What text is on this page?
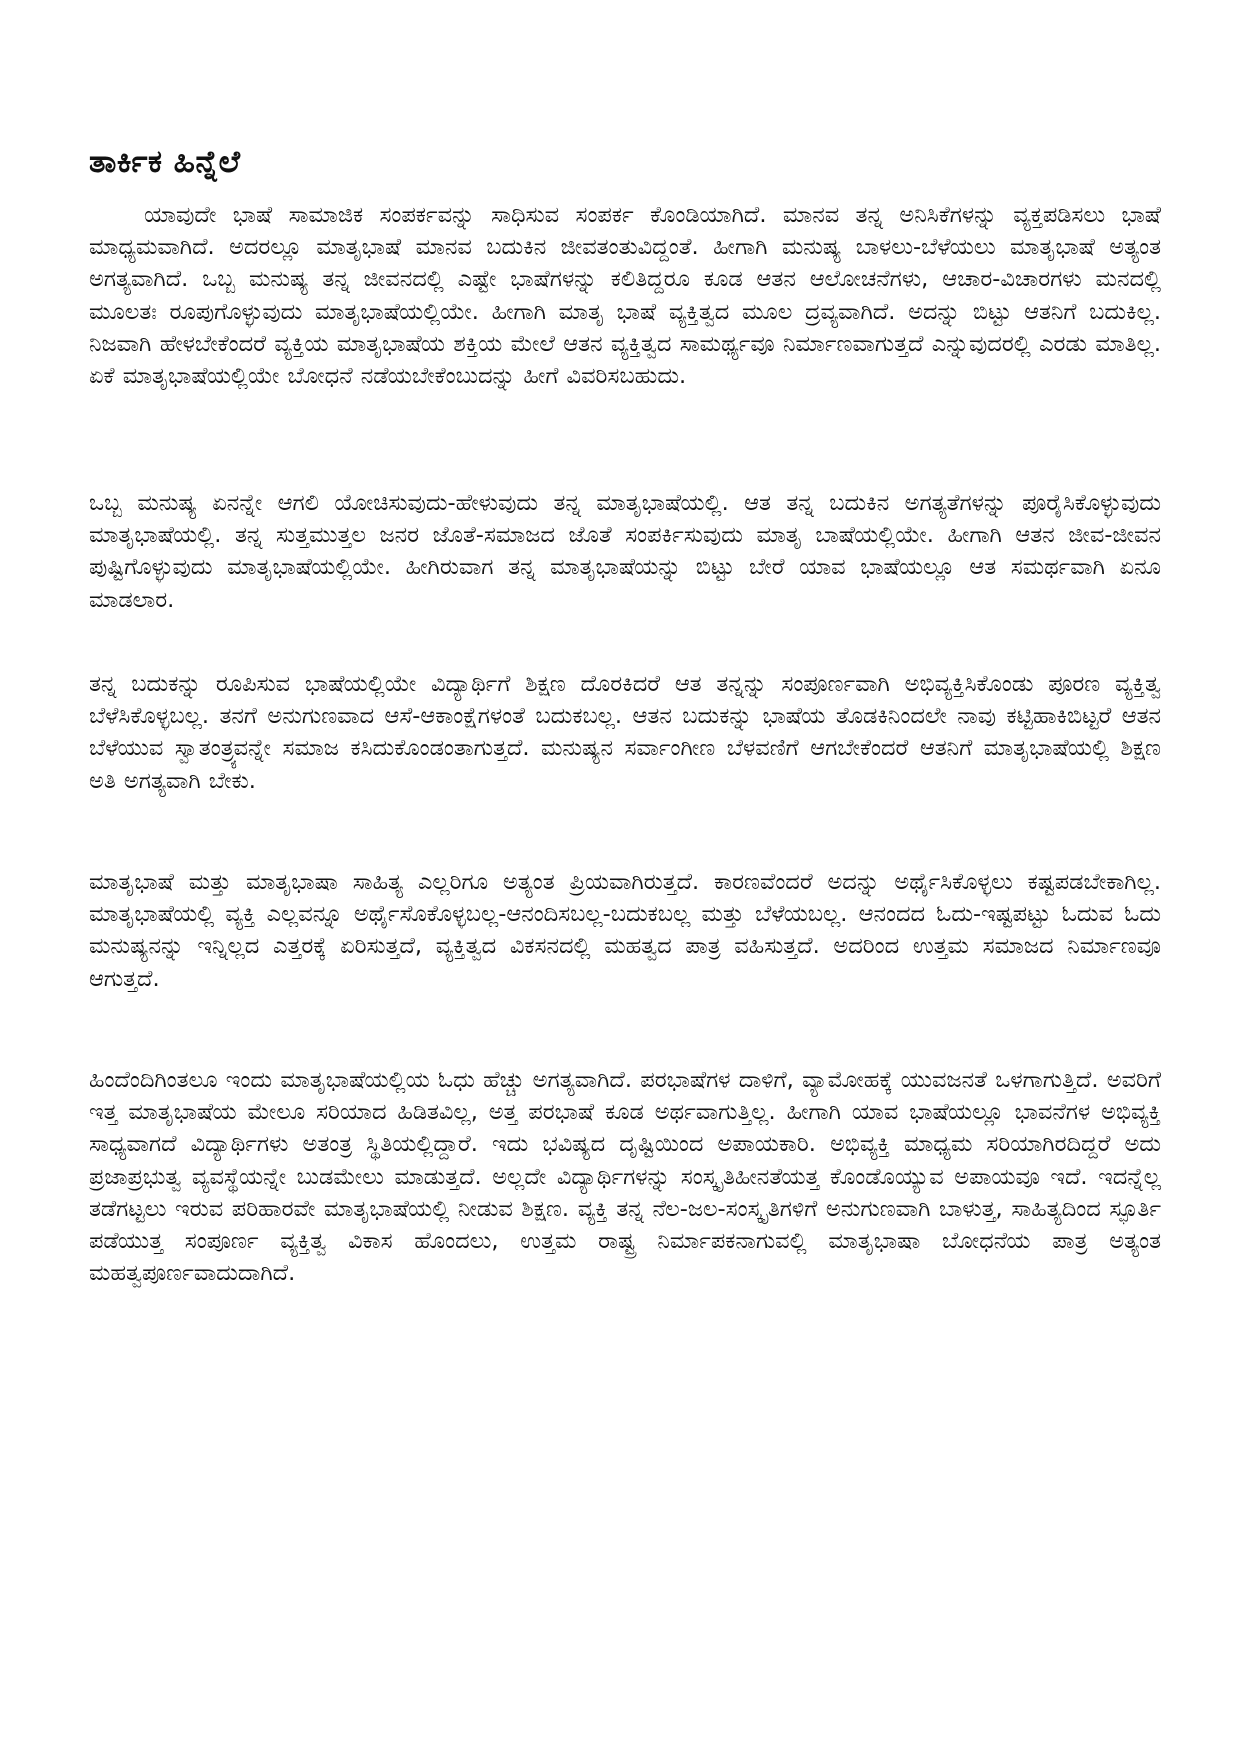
ತಾರ್ಕಿಕ ಹಿನ್ನೆಲೆ

ಯಾವುದೇ ಭಾಷೆ ಸಾಮಾಜಿಕ ಸಂಪರ್ಕವನ್ನು ಸಾಧಿಸುವ ಸಂಪರ್ಕ ಕೊಂಡಿಯಾಗಿದೆ. ಮಾನವ ತನ್ನ ಅನಿಸಿಕೆಗಳನ್ನು ವ್ಯಕ್ತಪಡಿಸಲು ಭಾಷೆ ಮಾಧ್ಯಮವಾಗಿದೆ. ಅದರಲ್ಲೂ ಮಾತೃಭಾಷೆ ಮಾನವ ಬದುಕಿನ ಜೀವತಂತುವಿದ್ದಂತೆ. ಹೀಗಾಗಿ ಮನುಷ್ಯ ಬಾಳಲು-ಬೆಳೆಯಲು ಮಾತೃಭಾಷೆ ಅತ್ಯಂತ ಅಗತ್ಯವಾಗಿದೆ. ಒಬ್ಬ ಮನುಷ್ಯ ತನ್ನ ಜೀವನದಲ್ಲಿ ಎಷ್ಟೇ ಭಾಷೆಗಳನ್ನು ಕಲಿತಿದ್ದರೂ ಕೂಡ ಆತನ ಆಲೋಚನೆಗಳು, ಆಚಾರ-ವಿಚಾರಗಳು ಮನದಲ್ಲಿ ಮೂಲತಃ ರೂಪುಗೊಳ್ಳುವುದು ಮಾತೃಭಾಷೆಯಲ್ಲಿಯೇ. ಹೀಗಾಗಿ ಮಾತೃ ಭಾಷೆ ವ್ಯಕ್ತಿತ್ವದ ಮೂಲ ದ್ರವ್ಯವಾಗಿದೆ. ಅದನ್ನು ಬಿಟ್ಟು ಆತನಿಗೆ ಬದುಕಿಲ್ಲ. ನಿಜವಾಗಿ ಹೇಳಬೇಕೆಂದರೆ ವ್ಯಕ್ತಿಯ ಮಾತೃಭಾಷೆಯ ಶಕ್ತಿಯ ಮೇಲೆ ಆತನ ವ್ಯಕ್ತಿತ್ವದ ಸಾಮರ್ಥ್ಯವೂ ನಿರ್ಮಾಣವಾಗುತ್ತದೆ ಎನ್ನುವುದರಲ್ಲಿ ಎರಡು ಮಾತಿಲ್ಲ. ಏಕೆ ಮಾತೃಭಾಷೆಯಲ್ಲಿಯೇ ಬೋಧನೆ ನಡೆಯಬೇಕೆಂಬುದನ್ನು ಹೀಗೆ ವಿವರಿಸಬಹುದು.

ಒಬ್ಬ ಮನುಷ್ಯ ಏನನ್ನೇ ಆಗಲಿ ಯೋಚಿಸುವುದು-ಹೇಳುವುದು ತನ್ನ ಮಾತೃಭಾಷೆಯಲ್ಲಿ. ಆತ ತನ್ನ ಬದುಕಿನ ಅಗತ್ಯತೆಗಳನ್ನು ಪೂರೈಸಿಕೊಳ್ಳುವುದು ಮಾತೃಭಾಷೆಯಲ್ಲಿ. ತನ್ನ ಸುತ್ತಮುತ್ತಲ ಜನರ ಜೊತೆ-ಸಮಾಜದ ಜೊತೆ ಸಂಪರ್ಕಿಸುವುದು ಮಾತೃ ಬಾಷೆಯಲ್ಲಿಯೇ. ಹೀಗಾಗಿ ಆತನ ಜೀವ-ಜೀವನ ಪುಷ್ಟಿಗೊಳ್ಳುವುದು ಮಾತೃಭಾಷೆಯಲ್ಲಿಯೇ. ಹೀಗಿರುವಾಗ ತನ್ನ ಮಾತೃಭಾಷೆಯನ್ನು ಬಿಟ್ಟು ಬೇರೆ ಯಾವ ಭಾಷೆಯಲ್ಲೂ ಆತ ಸಮರ್ಥವಾಗಿ ಏನೂ ಮಾಡಲಾರ.

ತನ್ನ ಬದುಕನ್ನು ರೂಪಿಸುವ ಭಾಷೆಯಲ್ಲಿಯೇ ವಿದ್ಯಾರ್ಥಿಗೆ ಶಿಕ್ಷಣ ದೊರಕಿದರೆ ಆತ ತನ್ನನ್ನು ಸಂಪೂರ್ಣವಾಗಿ ಅಭಿವ್ಯಕ್ತಿಸಿಕೊಂಡು ಪೂರಣ ವ್ಯಕ್ತಿತ್ವ ಬೆಳೆಸಿಕೊಳ್ಳಬಲ್ಲ. ತನಗೆ ಅನುಗುಣವಾದ ಆಸೆ-ಆಕಾಂಕ್ಷೆಗಳಂತೆ ಬದುಕಬಲ್ಲ. ಆತನ ಬದುಕನ್ನು ಭಾಷೆಯ ತೊಡಕಿನಿಂದಲೇ ನಾವು ಕಟ್ಟಿಹಾಕಿಬಿಟ್ಟರೆ ಆತನ ಬೆಳೆಯುವ ಸ್ವಾತಂತ್ರ್ಯವನ್ನೇ ಸಮಾಜ ಕಸಿದುಕೊಂಡಂತಾಗುತ್ತದೆ. ಮನುಷ್ಯನ ಸರ್ವಾಂಗೀಣ ಬೆಳವಣಿಗೆ ಆಗಬೇಕೆಂದರೆ ಆತನಿಗೆ ಮಾತೃಭಾಷೆಯಲ್ಲಿ ಶಿಕ್ಷಣ ಅತಿ ಅಗತ್ಯವಾಗಿ ಬೇಕು.

ಮಾತೃಭಾಷೆ ಮತ್ತು ಮಾತೃಭಾಷಾ ಸಾಹಿತ್ಯ ಎಲ್ಲರಿಗೂ ಅತ್ಯಂತ ಪ್ರಿಯವಾಗಿರುತ್ತದೆ. ಕಾರಣವೆಂದರೆ ಅದನ್ನು ಅರ್ಥೈಸಿಕೊಳ್ಳಲು ಕಷ್ಟಪಡಬೇಕಾಗಿಲ್ಲ. ಮಾತೃಭಾಷೆಯಲ್ಲಿ ವ್ಯಕ್ತಿ ಎಲ್ಲವನ್ನೂ ಅರ್ಥೈಸೊಕೊಳ್ಳಬಲ್ಲ-ಆನಂದಿಸಬಲ್ಲ-ಬದುಕಬಲ್ಲ ಮತ್ತು ಬೆಳೆಯಬಲ್ಲ. ಆನಂದದ ಓದು-ಇಷ್ಟಪಟ್ಟು ಓದುವ ಓದು ಮನುಷ್ಯನನ್ನು ಇನ್ನಿಲ್ಲದ ಎತ್ತರಕ್ಕೆ ಏರಿಸುತ್ತದೆ, ವ್ಯಕ್ತಿತ್ವದ ವಿಕಸನದಲ್ಲಿ ಮಹತ್ವದ ಪಾತ್ರ ವಹಿಸುತ್ತದೆ. ಅದರಿಂದ ಉತ್ತಮ ಸಮಾಜದ ನಿರ್ಮಾಣವೂ ಆಗುತ್ತದೆ.

ಹಿಂದೆಂದಿಗಿಂತಲೂ ಇಂದು ಮಾತೃಭಾಷೆಯಲ್ಲಿಯ ಓಧು ಹೆಚ್ಚು ಅಗತ್ಯವಾಗಿದೆ. ಪರಭಾಷೆಗಳ ದಾಳಿಗೆ, ವ್ಯಾಮೋಹಕ್ಕೆ ಯುವಜನತೆ ಒಳಗಾಗುತ್ತಿದೆ. ಅವರಿಗೆ ಇತ್ತ ಮಾತೃಭಾಷೆಯ ಮೇಲೂ ಸರಿಯಾದ ಹಿಡಿತವಿಲ್ಲ, ಅತ್ತ ಪರಭಾಷೆ ಕೂಡ ಅರ್ಥವಾಗುತ್ತಿಲ್ಲ. ಹೀಗಾಗಿ ಯಾವ ಭಾಷೆಯಲ್ಲೂ ಭಾವನೆಗಳ ಅಭಿವ್ಯಕ್ತಿ ಸಾಧ್ಯವಾಗದೆ ವಿದ್ಯಾರ್ಥಿಗಳು ಅತಂತ್ರ ಸ್ಥಿತಿಯಲ್ಲಿದ್ದಾರೆ. ಇದು ಭವಿಷ್ಯದ ದೃಷ್ಟಿಯಿಂದ ಅಪಾಯಕಾರಿ. ಅಭಿವ್ಯಕ್ತಿ ಮಾಧ್ಯಮ ಸರಿಯಾಗಿರದಿದ್ದರೆ ಅದು ಪ್ರಜಾಪ್ರಭುತ್ವ ವ್ಯವಸ್ಥೆಯನ್ನೇ ಬುಡಮೇಲು ಮಾಡುತ್ತದೆ. ಅಲ್ಲದೇ ವಿದ್ಯಾರ್ಥಿಗಳನ್ನು ಸಂಸ್ಕೃತಿಹೀನತೆಯತ್ತ ಕೊಂಡೊಯ್ಯುವ ಅಪಾಯವೂ ಇದೆ. ಇದನ್ನೆಲ್ಲ ತಡೆಗಟ್ಟಲು ಇರುವ ಪರಿಹಾರವೇ ಮಾತೃಭಾಷೆಯಲ್ಲಿ ನೀಡುವ ಶಿಕ್ಷಣ. ವ್ಯಕ್ತಿ ತನ್ನ ನೆಲ-ಜಲ-ಸಂಸ್ಕೃತಿಗಳಿಗೆ ಅನುಗುಣವಾಗಿ ಬಾಳುತ್ತ, ಸಾಹಿತ್ಯದಿಂದ ಸ್ಫೂರ್ತಿ ಪಡೆಯುತ್ತ ಸಂಪೂರ್ಣ ವ್ಯಕ್ತಿತ್ವ ವಿಕಾಸ ಹೊಂದಲು, ಉತ್ತಮ ರಾಷ್ಟ್ರ ನಿರ್ಮಾಪಕನಾಗುವಲ್ಲಿ ಮಾತೃಭಾಷಾ ಬೋಧನೆಯ ಪಾತ್ರ ಅತ್ಯಂತ ಮಹತ್ವಪೂರ್ಣವಾದುದಾಗಿದೆ.
